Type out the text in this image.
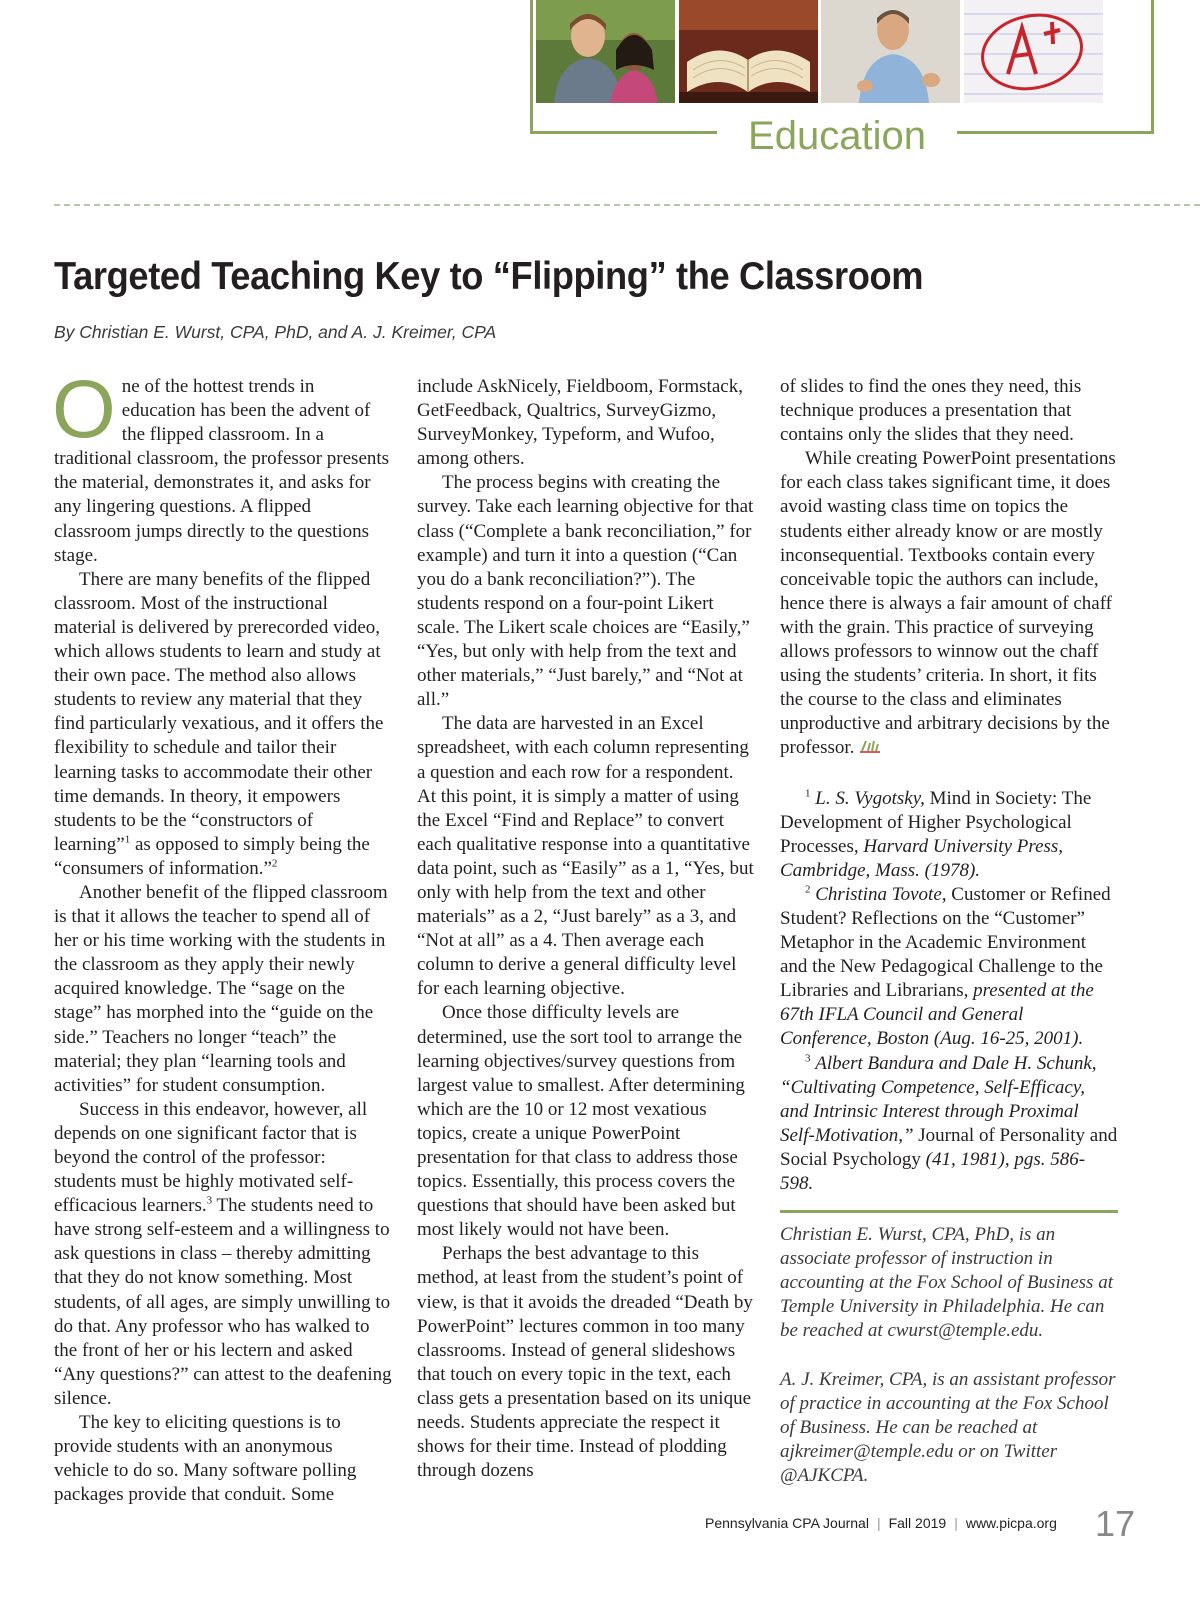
Education
Targeted Teaching Key to “Flipping” the Classroom
By Christian E. Wurst, CPA, PhD, and A. J. Kreimer, CPA

One of the hottest trends in education has been the advent of the flipped classroom. In a traditional classroom, the professor presents the material, demonstrates it, and asks for any lingering questions. A flipped classroom jumps directly to the questions stage.

There are many benefits of the flipped classroom. Most of the instructional material is delivered by prerecorded video, which allows students to learn and study at their own pace. The method also allows students to review any material that they find particularly vexatious, and it offers the flexibility to schedule and tailor their learning tasks to accommodate their other time demands. In theory, it empowers students to be the “constructors of learning”$^1$ as opposed to simply being the “consumers of information.”$^2$

Another benefit of the flipped classroom is that it allows the teacher to spend all of her or his time working with the students in the classroom as they apply their newly acquired knowledge. The “sage on the stage” has morphed into the “guide on the side.” Teachers no longer “teach” the material; they plan “learning tools and activities” for student consumption.

Success in this endeavor, however, all depends on one significant factor that is beyond the control of the professor: students must be highly motivated self-efficacious learners.$^3$ The students need to have strong self-esteem and a willingness to ask questions in class – thereby admitting that they do not know something. Most students, of all ages, are simply unwilling to do that. Any professor who has walked to the front of her or his lectern and asked “Any questions?” can attest to the deafening silence.

The key to eliciting questions is to provide students with an anonymous vehicle to do so. Many software polling packages provide that conduit. Some

include AskNicely, Fieldboom, Formstack, GetFeedback, Qualtrics, SurveyGizmo, SurveyMonkey, Typeform, and Wufoo, among others.

The process begins with creating the survey. Take each learning objective for that class (“Complete a bank reconciliation,” for example) and turn it into a question (“Can you do a bank reconciliation?”). The students respond on a four-point Likert scale. The Likert scale choices are “Easily,” “Yes, but only with help from the text and other materials,” “Just barely,” and “Not at all.”

The data are harvested in an Excel spreadsheet, with each column representing a question and each row for a respondent. At this point, it is simply a matter of using the Excel “Find and Replace” to convert each qualitative response into a quantitative data point, such as “Easily” as a 1, “Yes, but only with help from the text and other materials” as a 2, “Just barely” as a 3, and “Not at all” as a 4. Then average each column to derive a general difficulty level for each learning objective.

Once those difficulty levels are determined, use the sort tool to arrange the learning objectives/survey questions from largest value to smallest. After determining which are the 10 or 12 most vexatious topics, create a unique PowerPoint presentation for that class to address those topics. Essentially, this process covers the questions that should have been asked but most likely would not have been.

Perhaps the best advantage to this method, at least from the student’s point of view, is that it avoids the dreaded “Death by PowerPoint” lectures common in too many classrooms. Instead of general slideshows that touch on every topic in the text, each class gets a presentation based on its unique needs. Students appreciate the respect it shows for their time. Instead of plodding through dozens

of slides to find the ones they need, this technique produces a presentation that contains only the slides that they need.

While creating PowerPoint presentations for each class takes significant time, it does avoid wasting class time on topics the students either already know or are mostly inconsequential. Textbooks contain every conceivable topic the authors can include, hence there is always a fair amount of chaff with the grain. This practice of surveying allows professors to winnow out the chaff using the students’ criteria. In short, it fits the course to the class and eliminates unproductive and arbitrary decisions by the professor.

$^1$ L. S. Vygotsky, Mind in Society: The Development of Higher Psychological Processes, Harvard University Press, Cambridge, Mass. (1978).

$^2$ Christina Tovote, Customer or Refined Student? Reflections on the “Customer” Metaphor in the Academic Environment and the New Pedagogical Challenge to the Libraries and Librarians, presented at the 67th IFLA Council and General Conference, Boston (Aug. 16-25, 2001).

$^3$ Albert Bandura and Dale H. Schunk, “Cultivating Competence, Self-Efficacy, and Intrinsic Interest through Proximal Self-Motivation,” Journal of Personality and Social Psychology (41, 1981), pgs. 586-598.

Christian E. Wurst, CPA, PhD, is an associate professor of instruction in accounting at the Fox School of Business at Temple University in Philadelphia. He can be reached at cwurst@temple.edu.

A. J. Kreimer, CPA, is an assistant professor of practice in accounting at the Fox School of Business. He can be reached at ajkreimer@temple.edu or on Twitter @AJKCPA.

Pennsylvania CPA Journal | Fall 2019 | www.picpa.org 17
